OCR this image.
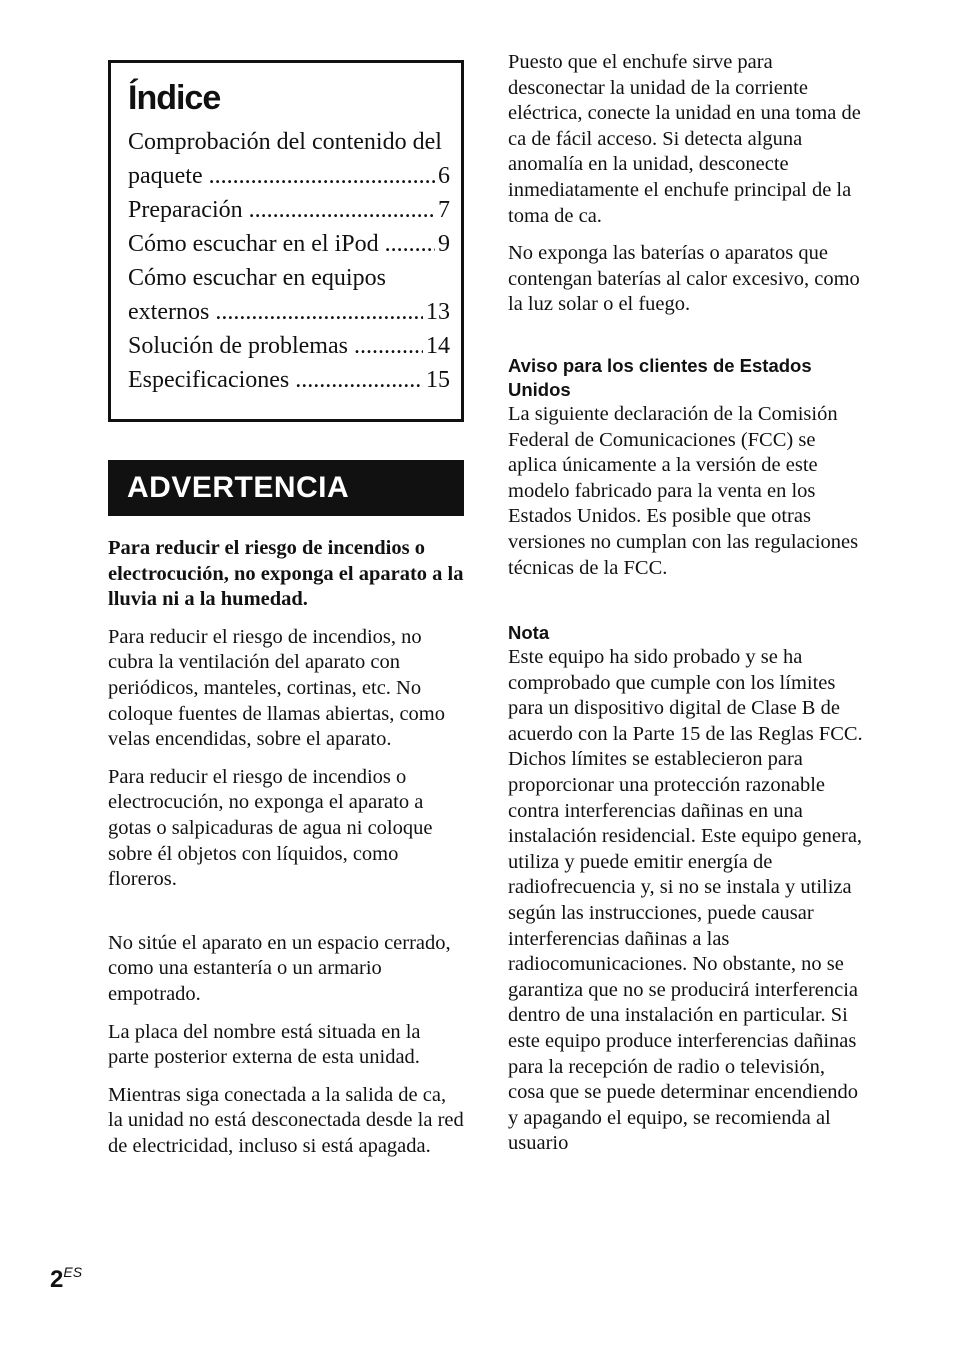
Índice
Comprobación del contenido del
paquete .....	6
Preparación .....	7
Cómo escuchar en el iPod ..... 9
Cómo escuchar en equipos
externos .....	13
Solución de problemas .....	14
Especificaciones .....	15
ADVERTENCIA

Para reducir el riesgo de incendios o electrocución, no exponga el aparato a la lluvia ni a la humedad.

Para reducir el riesgo de incendios, no cubra la ventilación del aparato con periódicos, manteles, cortinas, etc. No coloque fuentes de llamas abiertas, como velas encendidas, sobre el aparato.

Para reducir el riesgo de incendios o electrocución, no exponga el aparato a gotas o salpicaduras de agua ni coloque sobre él objetos con líquidos, como floreros.

No sitúe el aparato en un espacio cerrado, como una estantería o un armario empotrado.

La placa del nombre está situada en la parte posterior externa de esta unidad.

Mientras siga conectada a la salida de ca, la unidad no está desconectada desde la red de electricidad, incluso si está apagada.

Puesto que el enchufe sirve para desconectar la unidad de la corriente eléctrica, conecte la unidad en una toma de ca de fácil acceso. Si detecta alguna anomalía en la unidad, desconecte inmediatamente el enchufe principal de la toma de ca.

No exponga las baterías o aparatos que contengan baterías al calor excesivo, como la luz solar o el fuego.

Aviso para los clientes de Estados Unidos

La siguiente declaración de la Comisión Federal de Comunicaciones (FCC) se aplica únicamente a la versión de este modelo fabricado para la venta en los Estados Unidos. Es posible que otras versiones no cumplan con las regulaciones técnicas de la FCC.

Nota

Este equipo ha sido probado y se ha comprobado que cumple con los límites para un dispositivo digital de Clase B de acuerdo con la Parte 15 de las Reglas FCC.

Dichos límites se establecieron para proporcionar una protección razonable contra interferencias dañinas en una instalación residencial. Este equipo genera, utiliza y puede emitir energía de radiofrecuencia y, si no se instala y utiliza según las instrucciones, puede causar interferencias dañinas a las radiocomunicaciones. No obstante, no se garantiza que no se producirá interferencia dentro de una instalación en particular. Si este equipo produce interferencias dañinas para la recepción de radio o televisión, cosa que se puede determinar encendiendo y apagando el equipo, se recomienda al usuario

$2^{ES}$
